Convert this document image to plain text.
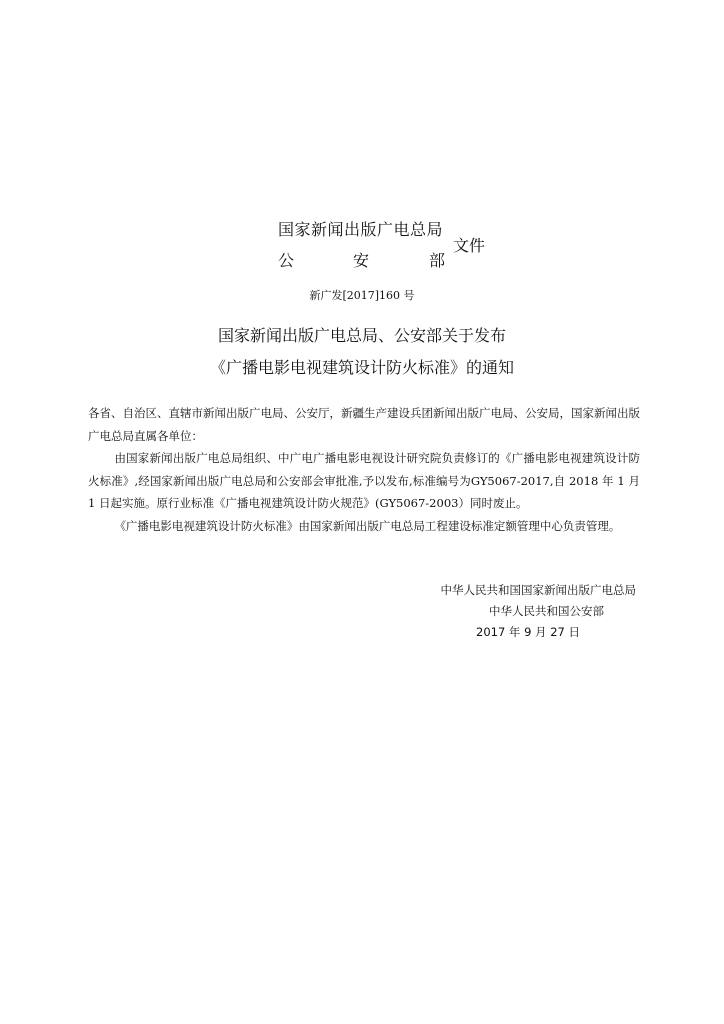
国家新闻出版广电总局
公	安	部
文件
新广发[2017]160 号
国家新闻出版广电总局、公安部关于发布
《广播电影电视建筑设计防火标准》的通知

各省、自治区、直辖市新闻出版广电局、公安厅，新疆生产建设兵团新闻出版广电局、公安局，国家新闻出版广电总局直属各单位：

由国家新闻出版广电总局组织、中广电广播电影电视设计研究院负责修订的《广播电影电视建筑设计防火标准》,经国家新闻出版广电总局和公安部会审批准,予以发布,标准编号为GY5067-2017,自 2018 年 1 月 1 日起实施。原行业标准《广播电视建筑设计防火规范》(GY5067-2003）同时废止。

《广播电影电视建筑设计防火标准》由国家新闻出版广电总局工程建设标准定额管理中心负责管理。

中华人民共和国国家新闻出版广电总局
中华人民共和国公安部
2017 年 9 月 27 日
